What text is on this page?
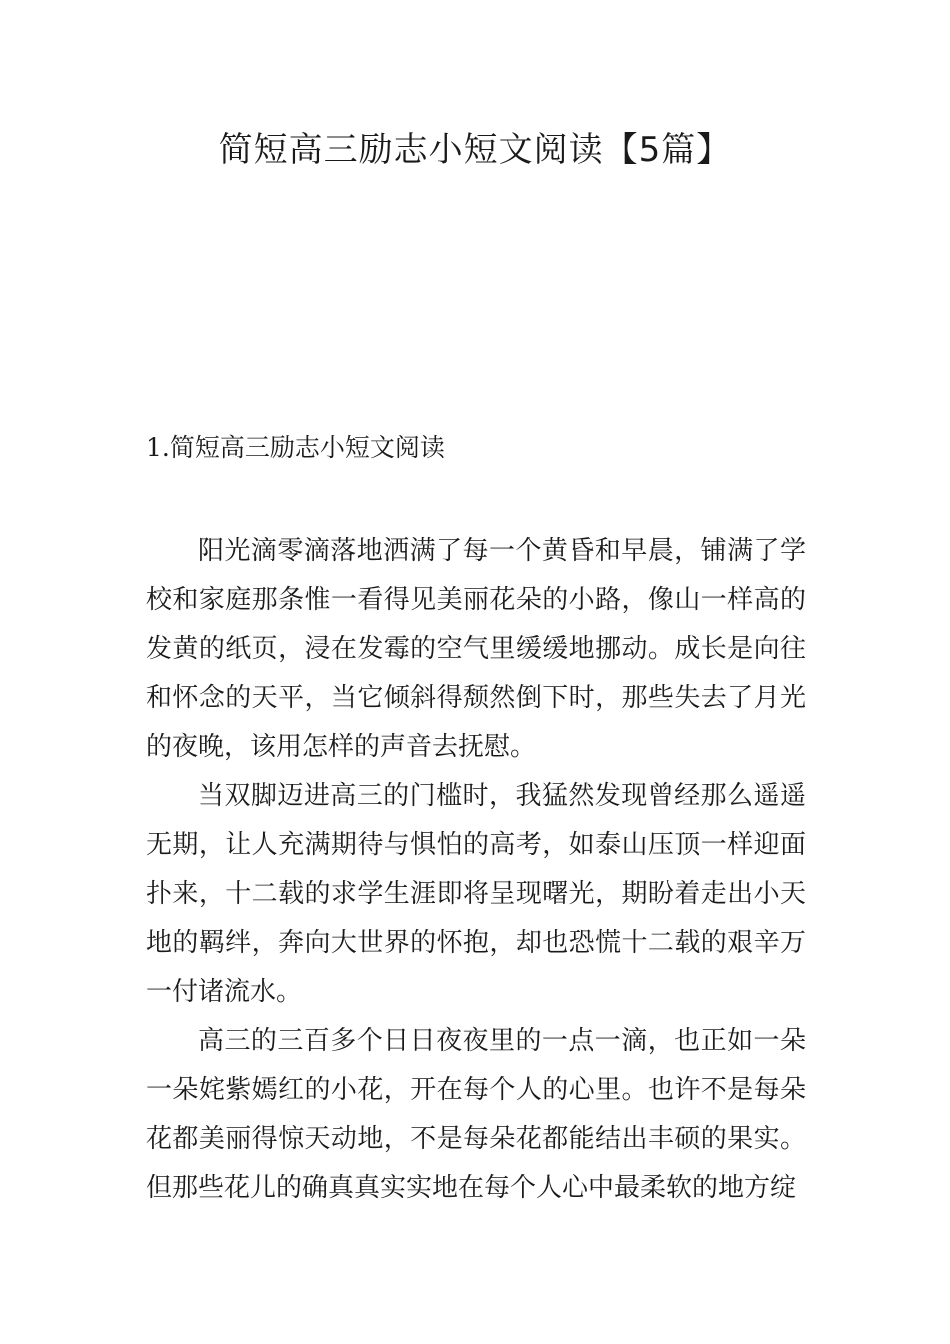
简短高三励志小短文阅读【5篇】
1.简短高三励志小短文阅读

阳光滴零滴落地洒满了每一个黄昏和早晨，铺满了学校和家庭那条惟一看得见美丽花朵的小路，像山一样高的发黄的纸页，浸在发霉的空气里缓缓地挪动。成长是向往和怀念的天平，当它倾斜得颓然倒下时，那些失去了月光的夜晚，该用怎样的声音去抚慰。

当双脚迈进高三的门槛时，我猛然发现曾经那么遥遥无期，让人充满期待与惧怕的高考，如泰山压顶一样迎面扑来，十二载的求学生涯即将呈现曙光，期盼着走出小天地的羁绊，奔向大世界的怀抱，却也恐慌十二载的艰辛万一付诸流水。

高三的三百多个日日夜夜里的一点一滴，也正如一朵一朵姹紫嫣红的小花，开在每个人的心里。也许不是每朵花都美丽得惊天动地，不是每朵花都能结出丰硕的果实。但那些花儿的确真真实实地在每个人心中最柔软的地方绽
